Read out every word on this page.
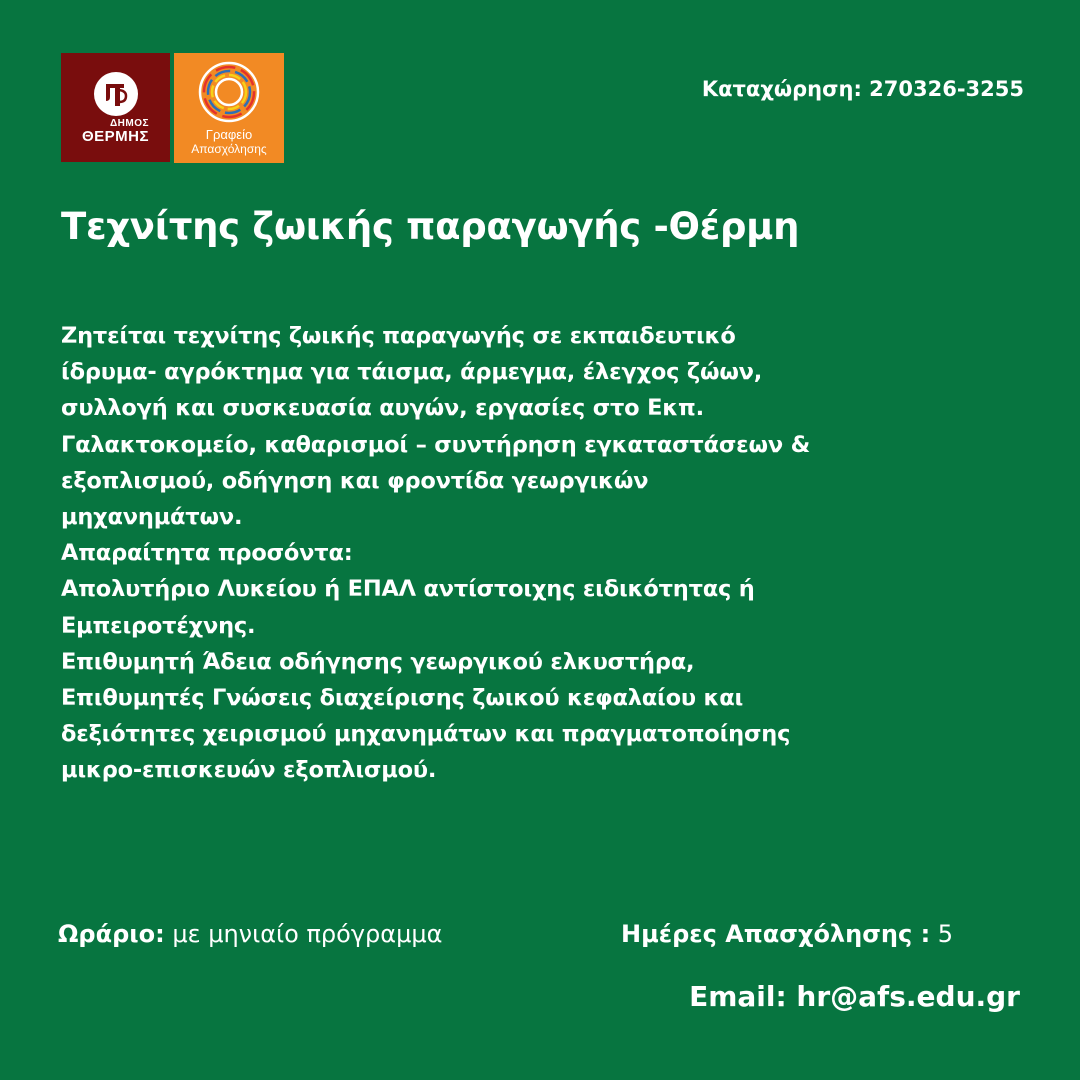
ΔΗΜΟΣ
ΘΕΡΜΗΣ	Γραφείο
Απασχόλησης
Καταχώρηση: 270326-3255
Τεχνίτης ζωικής παραγωγής -Θέρμη
Ζητείται τεχνίτης ζωικής παραγωγής σε εκπαιδευτικό
ίδρυμα- αγρόκτημα για τάισμα, άρμεγμα, έλεγχος ζώων,
συλλογή και συσκευασία αυγών, εργασίες στο Εκπ.
Γαλακτοκομείο, καθαρισμοί – συντήρηση εγκαταστάσεων &
εξοπλισμού, οδήγηση και φροντίδα γεωργικών
μηχανημάτων.
Απαραίτητα προσόντα:
Απολυτήριο Λυκείου ή ΕΠΑΛ αντίστοιχης ειδικότητας ή
Εμπειροτέχνης.
Επιθυμητή Άδεια οδήγησης γεωργικού ελκυστήρα,
Επιθυμητές Γνώσεις διαχείρισης ζωικού κεφαλαίου και
δεξιότητες χειρισμού μηχανημάτων και πραγματοποίησης
μικρο-επισκευών εξοπλισμού.
Ωράριο: με μηνιαίο πρόγραμμα	Ημέρες Απασχόλησης : 5
Email: hr@afs.edu.gr
